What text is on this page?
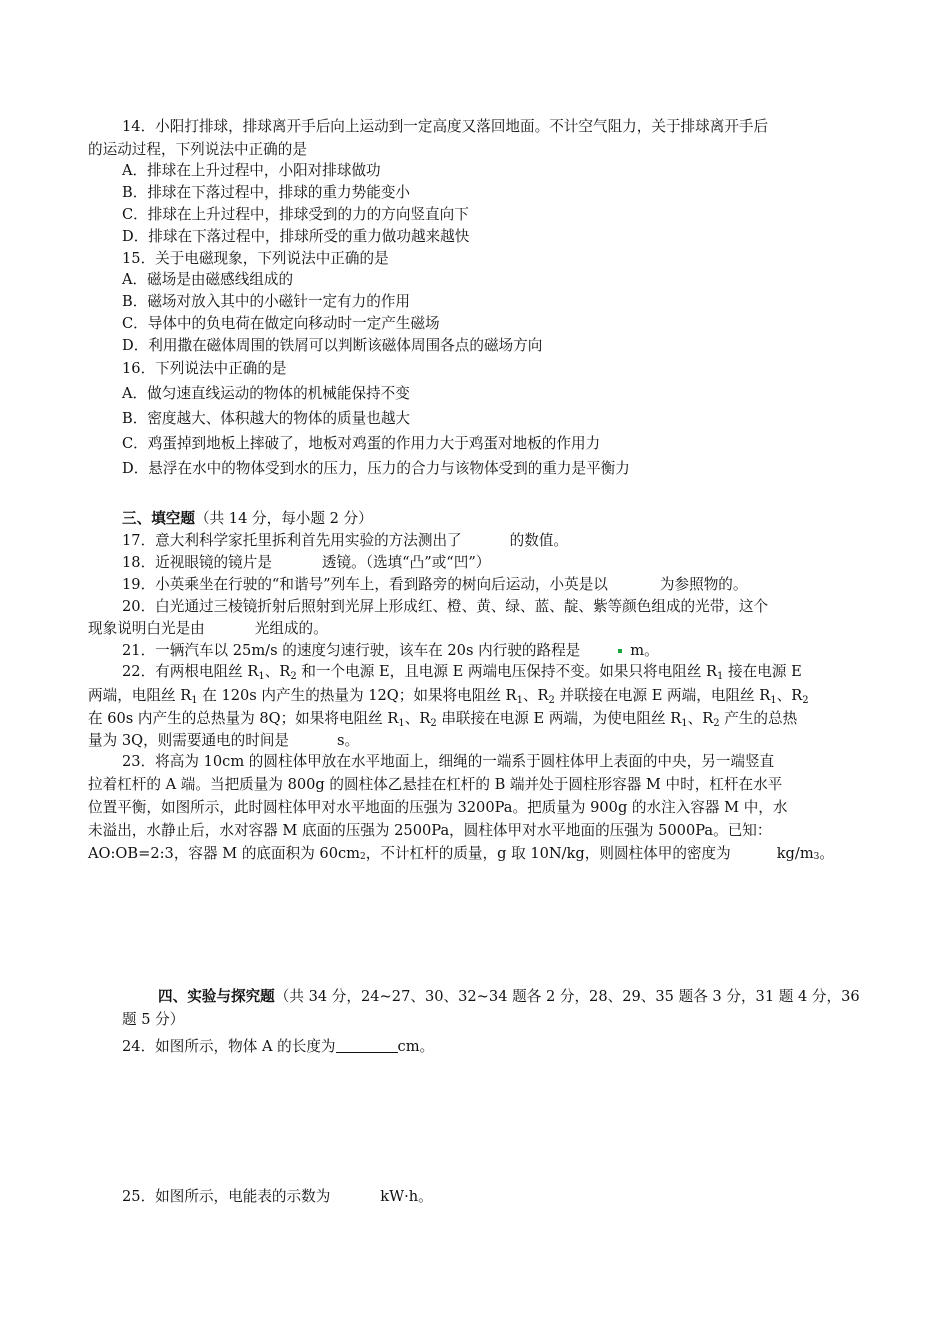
14．小阳打排球，排球离开手后向上运动到一定高度又落回地面。不计空气阻力，关于排球离开手后
的运动过程，下列说法中正确的是
A．排球在上升过程中，小阳对排球做功
B．排球在下落过程中，排球的重力势能变小
C．排球在上升过程中，排球受到的力的方向竖直向下
D．排球在下落过程中，排球所受的重力做功越来越快
15．关于电磁现象，下列说法中正确的是
A．磁场是由磁感线组成的
B．磁场对放入其中的小磁针一定有力的作用
C．导体中的负电荷在做定向移动时一定产生磁场
D．利用撒在磁体周围的铁屑可以判断该磁体周围各点的磁场方向
16．下列说法中正确的是
A．做匀速直线运动的物体的机械能保持不变
B．密度越大、体积越大的物体的质量也越大
C．鸡蛋掉到地板上摔破了，地板对鸡蛋的作用力大于鸡蛋对地板的作用力
D．悬浮在水中的物体受到水的压力，压力的合力与该物体受到的重力是平衡力
三、填空题（共 14 分，每小题 2 分）
17．意大利科学家托里拆利首先用实验的方法测出了	的数值。
18．近视眼镜的镜片是	透镜。（选填“凸”或“凹”）
19．小英乘坐在行驶的“和谐号”列车上，看到路旁的树向后运动，小英是以	为参照物的。
20．白光通过三棱镜折射后照射到光屏上形成红、橙、黄、绿、蓝、靛、紫等颜色组成的光带，这个
现象说明白光是由	光组成的。
21．一辆汽车以 25m/s 的速度匀速行驶，该车在 20s 内行驶的路程是	m。
22．有两根电阻丝 $R_1$、$R_2$ 和一个电源 E，且电源 E 两端电压保持不变。如果只将电阻丝 $R_1$ 接在电源 E
两端，电阻丝 $R_1$ 在 120s 内产生的热量为 12Q；如果将电阻丝 $R_1$、$R_2$ 并联接在电源 E 两端，电阻丝 $R_1$、$R_2$
在 60s 内产生的总热量为 8Q；如果将电阻丝 $R_1$、$R_2$ 串联接在电源 E 两端，为使电阻丝 $R_1$、$R_2$ 产生的总热
量为 3Q，则需要通电的时间是	s。
23．将高为 10cm 的圆柱体甲放在水平地面上，细绳的一端系于圆柱体甲上表面的中央，另一端竖直
拉着杠杆的 A 端。当把质量为 800g 的圆柱体乙悬挂在杠杆的 B 端并处于圆柱形容器 M 中时，杠杆在水平
位置平衡，如图所示，此时圆柱体甲对水平地面的压强为 3200Pa。把质量为 900g 的水注入容器 M 中，水
未溢出，水静止后，水对容器 M 底面的压强为 2500Pa，圆柱体甲对水平地面的压强为 5000Pa。已知：
AO:OB=2:3，容器 M 的底面积为 60cm2，不计杠杆的质量，g 取 10N/kg，则圆柱体甲的密度为	kg/m3。
四、实验与探究题（共 34 分，24~27、30、32~34 题各 2 分，28、29、35 题各 3 分，31 题 4 分，36
题 5 分）
24．如图所示，物体 A 的长度为	cm。
25．如图所示，电能表的示数为	kW·h。
